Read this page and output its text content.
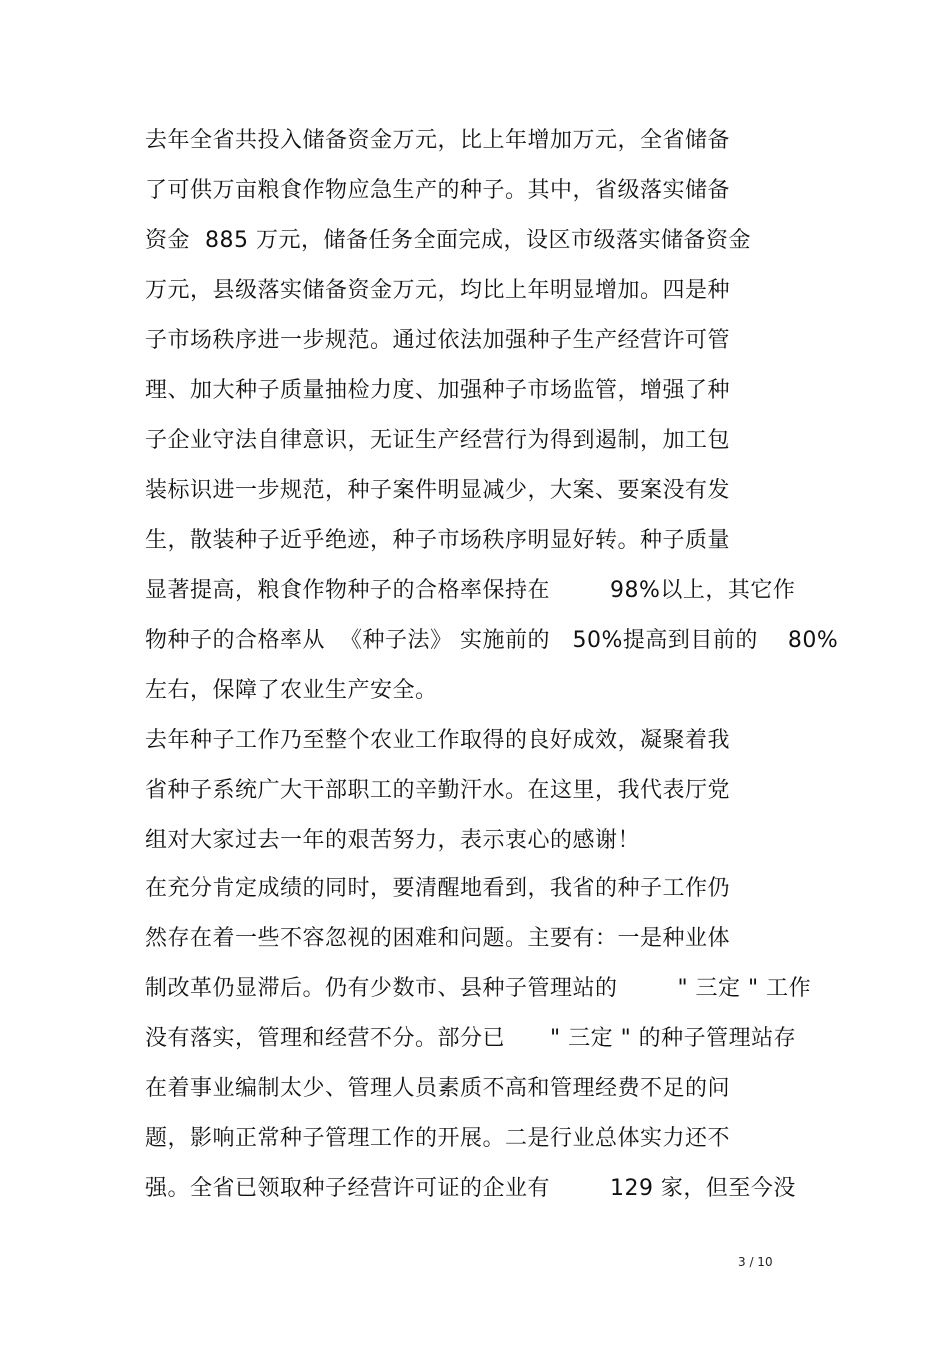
去年全省共投入储备资金万元，比上年增加万元，全省储备
了可供万亩粮食作物应急生产的种子。其中，省级落实储备
资金  885 万元，储备任务全面完成，设区市级落实储备资金
万元，县级落实储备资金万元，均比上年明显增加。四是种
子市场秩序进一步规范。通过依法加强种子生产经营许可管
理、加大种子质量抽检力度、加强种子市场监管，增强了种
子企业守法自律意识，无证生产经营行为得到遏制，加工包
装标识进一步规范，种子案件明显减少，大案、要案没有发
生，散装种子近乎绝迹，种子市场秩序明显好转。种子质量
显著提高，粮食作物种子的合格率保持在        98%以上，其它作
物种子的合格率从  《种子法》 实施前的   50%提高到目前的    80%
左右，保障了农业生产安全。
去年种子工作乃至整个农业工作取得的良好成效，凝聚着我
省种子系统广大干部职工的辛勤汗水。在这里，我代表厅党
组对大家过去一年的艰苦努力，表示衷心的感谢！
在充分肯定成绩的同时，要清醒地看到，我省的种子工作仍
然存在着一些不容忽视的困难和问题。主要有：一是种业体
制改革仍显滞后。仍有少数市、县种子管理站的        " 三定 " 工作
没有落实，管理和经营不分。部分已      " 三定 " 的种子管理站存
在着事业编制太少、管理人员素质不高和管理经费不足的问
题，影响正常种子管理工作的开展。二是行业总体实力还不
强。全省已领取种子经营许可证的企业有        129 家，但至今没
3 / 10
